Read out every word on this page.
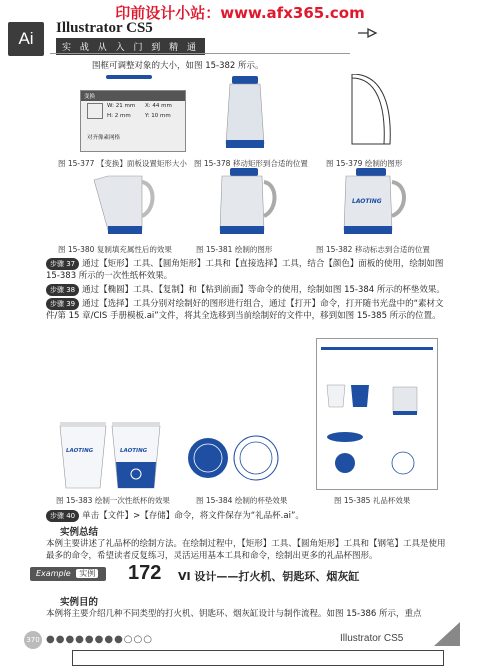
印前设计小站：www.afx365.com
Ai
Illustrator CS5
实 战 从 入 门 到 精 通
围框可调整对象的大小，如图 15-382 所示。
变换
W: 21 mm
H: 2 mm
X: 44 mm
Y: 10 mm
对齐像素网格
图 15-377 【变换】面板设置矩形大小 图 15-378 移动矩形到合适的位置 图 15-379 绘制的图形
LAOTING
图 15-380 复制填充属性后的效果	图 15-381 绘制的图形	图 15-382 移动标志到合适的位置
步骤 37 通过【矩形】工具、【圆角矩形】工具和【直接选择】工具，结合【颜色】面板的使用，绘制如图 15-383 所示的一次性纸杯效果。
步骤 38 通过【椭圆】工具、【复制】和【粘到前面】等命令的使用，绘制如图 15-384 所示的杯垫效果。
步骤 39 通过【选择】工具分别对绘制好的图形进行组合，通过【打开】命令，打开随书光盘中的“素材文件/第 15 章/CIS 手册模板.ai”文件，将其全选移到当前绘制好的文件中，移到如图 15-385 所示的位置。
LAOTING	LAOTING
图 15-383 绘制一次性纸杯的效果	图 15-384 绘制的杯垫效果	图 15-385 礼品杯效果
步骤 40 单击【文件】>【存储】命令，将文件保存为“礼品杯.ai”。
实例总结
本例主要讲述了礼品杯的绘制方法。在绘制过程中，【矩形】工具、【圆角矩形】工具和【钢笔】工具是使用最多的命令，希望读者反复练习，灵活运用基本工具和命令，绘制出更多的礼品杯图形。
Example 实例	172 VI 设计——打火机、钥匙环、烟灰缸
实例目的
本例将主要介绍几种不同类型的打火机、钥匙环、烟灰缸设计与制作流程。如图 15-386 所示，重点
370 ●●●●●●●●○○○	Illustrator CS5
